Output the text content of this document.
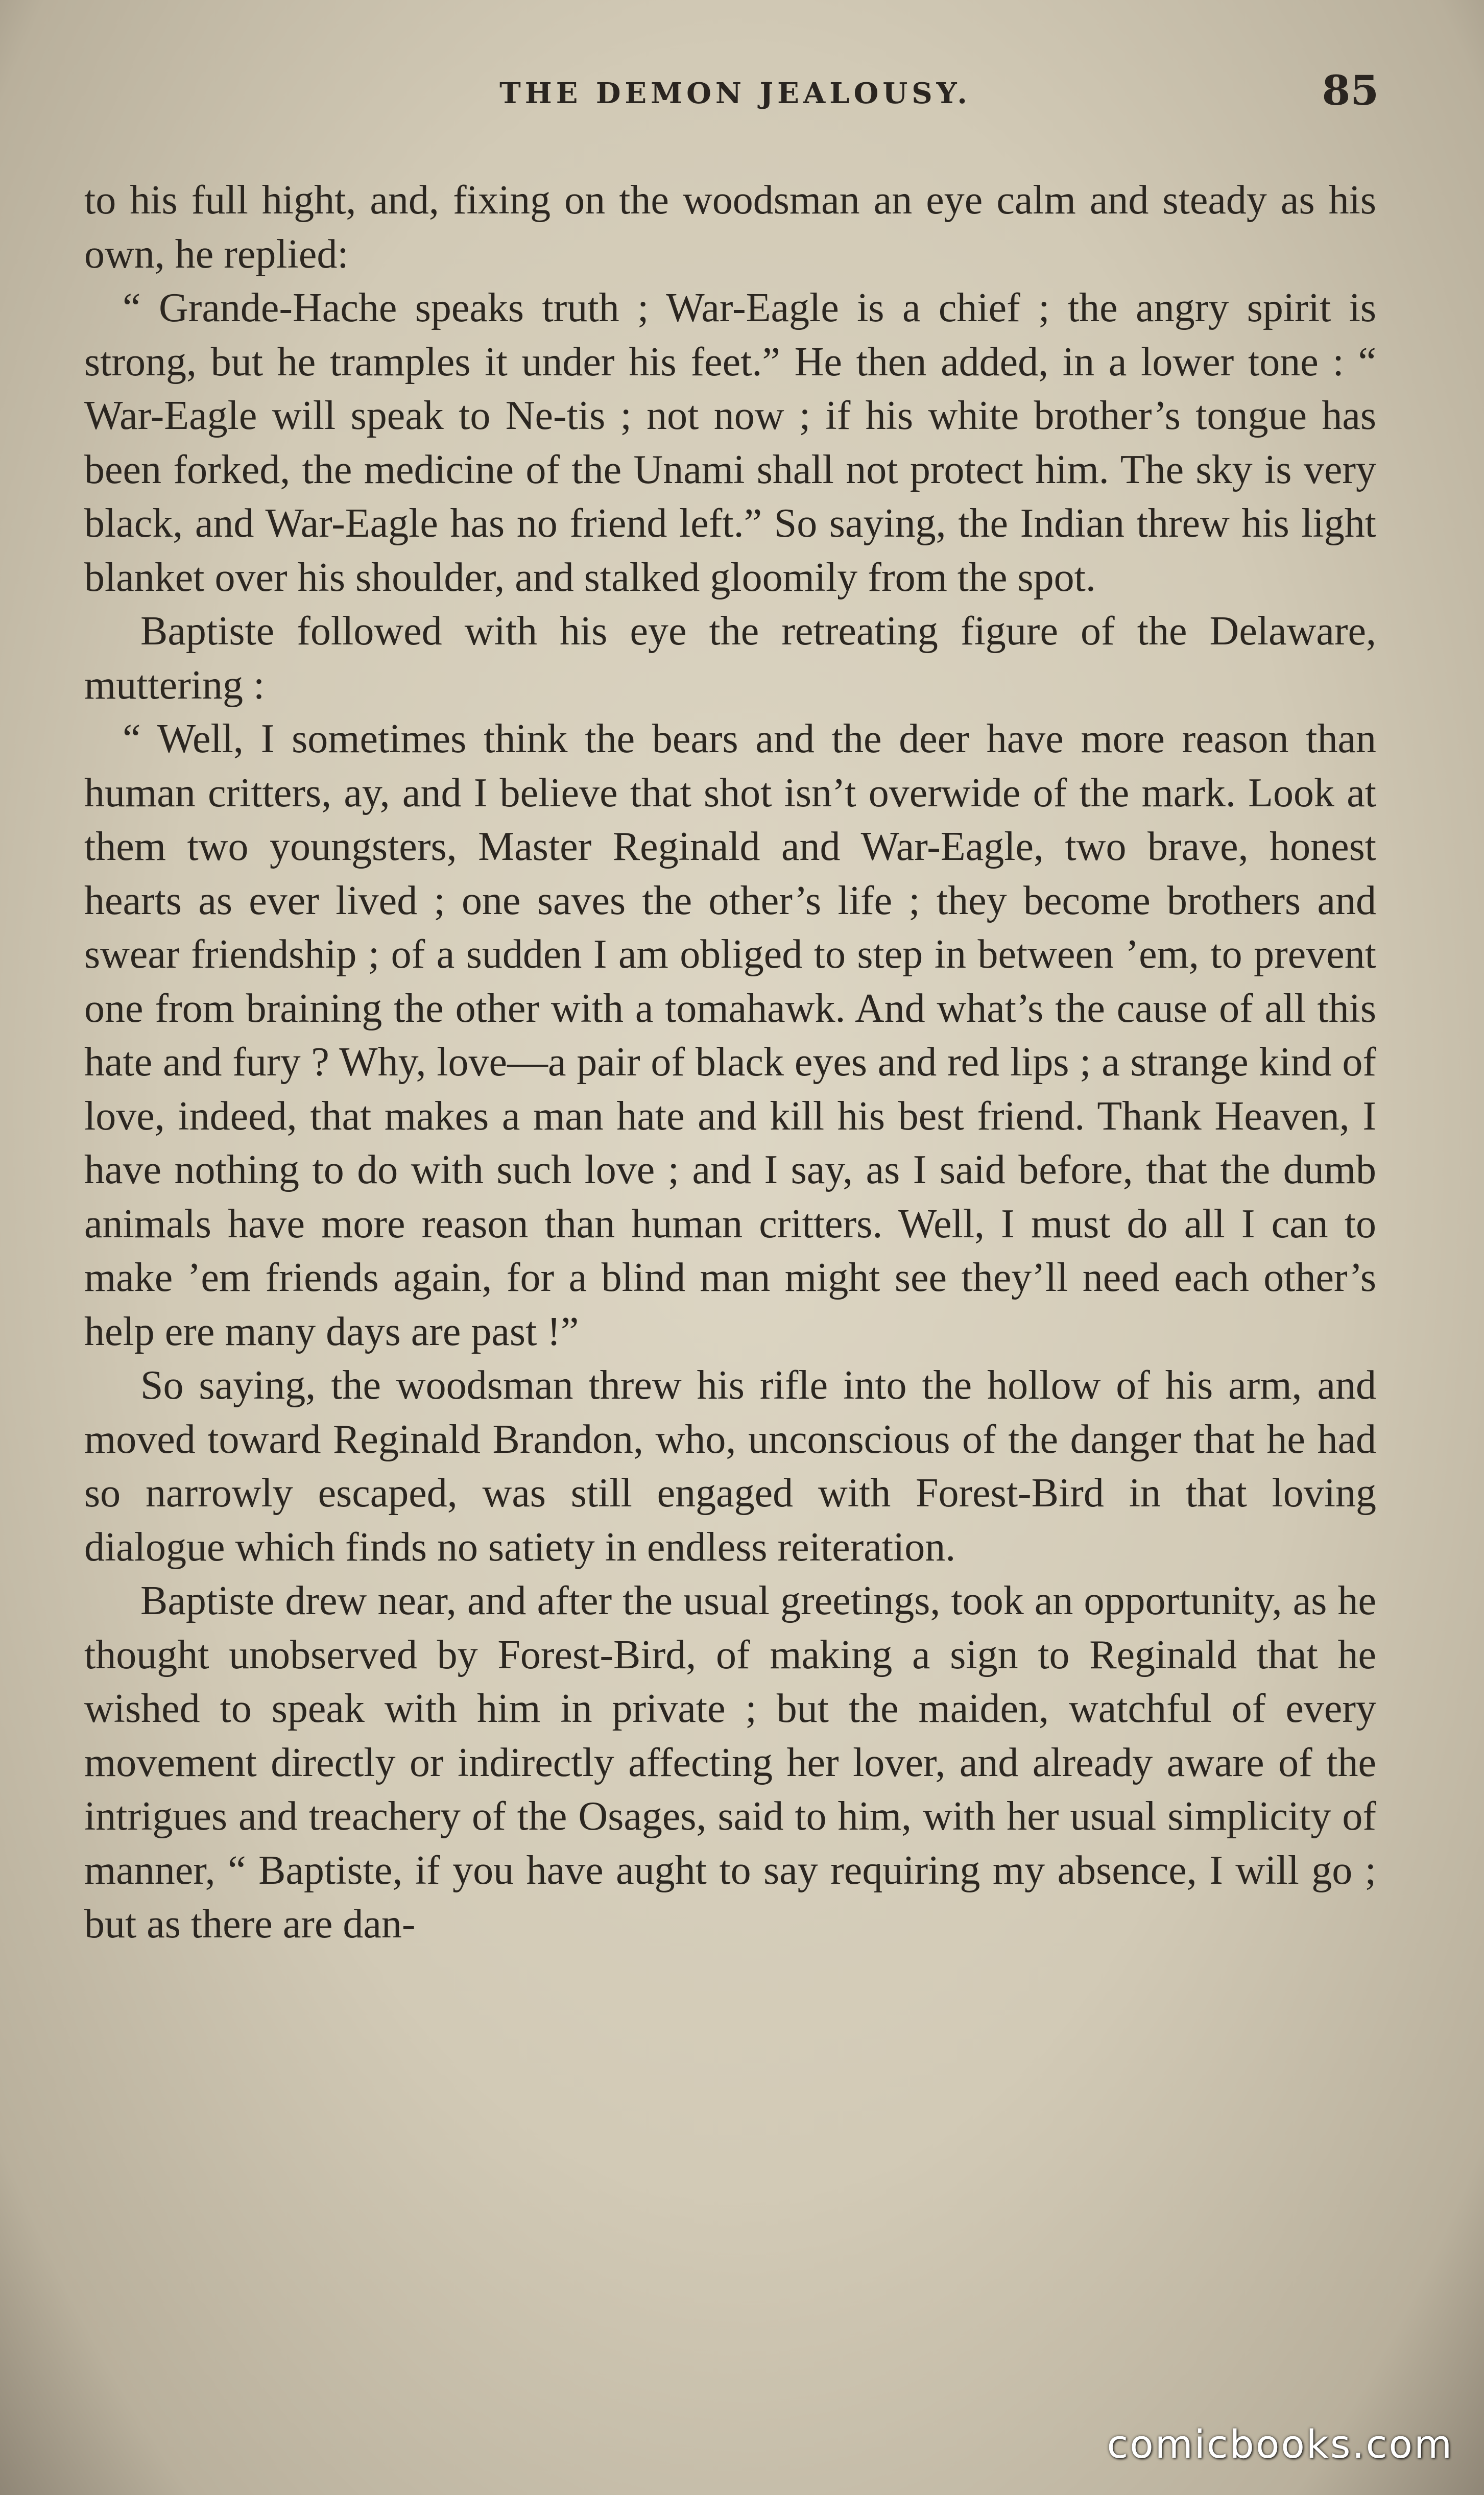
THE DEMON JEALOUSY.	85

to his full hight, and, fixing on the woodsman an eye calm and steady as his own, he replied:

“ Grande-Hache speaks truth ; War-Eagle is a chief ; the angry spirit is strong, but he tramples it under his feet.” He then added, in a lower tone : “ War-Eagle will speak to Ne-tis ; not now ; if his white brother’s tongue has been forked, the medicine of the Unami shall not protect him. The sky is very black, and War-Eagle has no friend left.” So saying, the Indian threw his light blanket over his shoulder, and stalked gloomily from the spot.

Baptiste followed with his eye the retreating figure of the Delaware, muttering :

“ Well, I sometimes think the bears and the deer have more reason than human critters, ay, and I believe that shot isn’t overwide of the mark. Look at them two youngsters, Master Reginald and War-Eagle, two brave, honest hearts as ever lived ; one saves the other’s life ; they become brothers and swear friendship ; of a sudden I am obliged to step in between ’em, to prevent one from braining the other with a tomahawk. And what’s the cause of all this hate and fury ? Why, love—a pair of black eyes and red lips ; a strange kind of love, indeed, that makes a man hate and kill his best friend. Thank Heaven, I have nothing to do with such love ; and I say, as I said before, that the dumb animals have more reason than human critters. Well, I must do all I can to make ’em friends again, for a blind man might see they’ll need each other’s help ere many days are past !”

So saying, the woodsman threw his rifle into the hollow of his arm, and moved toward Reginald Brandon, who, unconscious of the danger that he had so narrowly escaped, was still engaged with Forest-Bird in that loving dialogue which finds no satiety in endless reiteration.

Baptiste drew near, and after the usual greetings, took an opportunity, as he thought unobserved by Forest-Bird, of making a sign to Reginald that he wished to speak with him in private ; but the maiden, watchful of every movement directly or indirectly affecting her lover, and already aware of the intrigues and treachery of the Osages, said to him, with her usual simplicity of manner, “ Baptiste, if you have aught to say requiring my absence, I will go ; but as there are dan-

comicbooks.com
